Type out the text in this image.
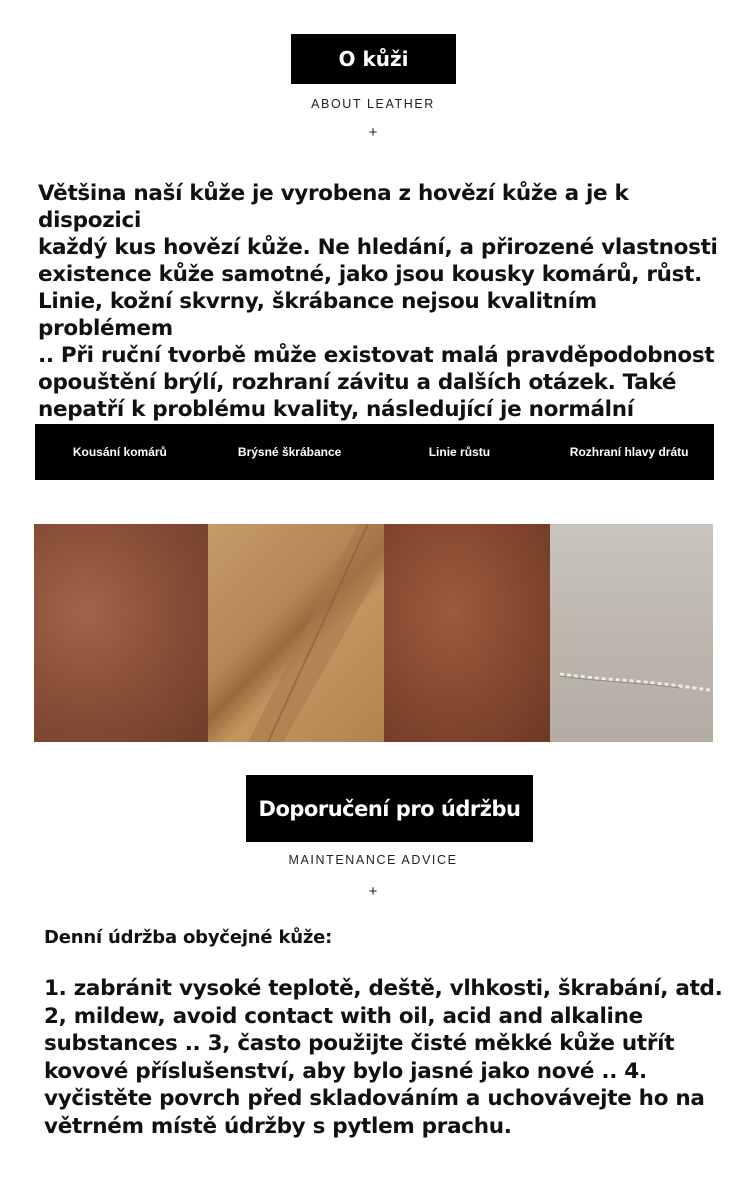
O kůži
ABOUT LEATHER
+
Většina naší kůže je vyrobena z hovězí kůže a je k dispozici
každý kus hovězí kůže. Ne hledání, a přirozené vlastnosti
existence kůže samotné, jako jsou kousky komárů, růst.
Linie, kožní skvrny, škrábance nejsou kvalitním problémem
.. Při ruční tvorbě může existovat malá pravděpodobnost
opouštění brýlí, rozhraní závitu a dalších otázek. Také
nepatří k problému kvality, následující je normální
Kousání komárů	Brýsné škrábance	Linie růstu	Rozhraní hlavy drátu
Doporučení pro údržbu
MAINTENANCE ADVICE
+
Denní údržba obyčejné kůže:
1. zabránit vysoké teplotě, deště, vlhkosti, škrabání, atd.
2, mildew, avoid contact with oil, acid and alkaline
substances .. 3, často použijte čisté měkké kůže utřít
kovové příslušenství, aby bylo jasné jako nové .. 4.
vyčistěte povrch před skladováním a uchovávejte ho na
větrném místě údržby s pytlem prachu.
